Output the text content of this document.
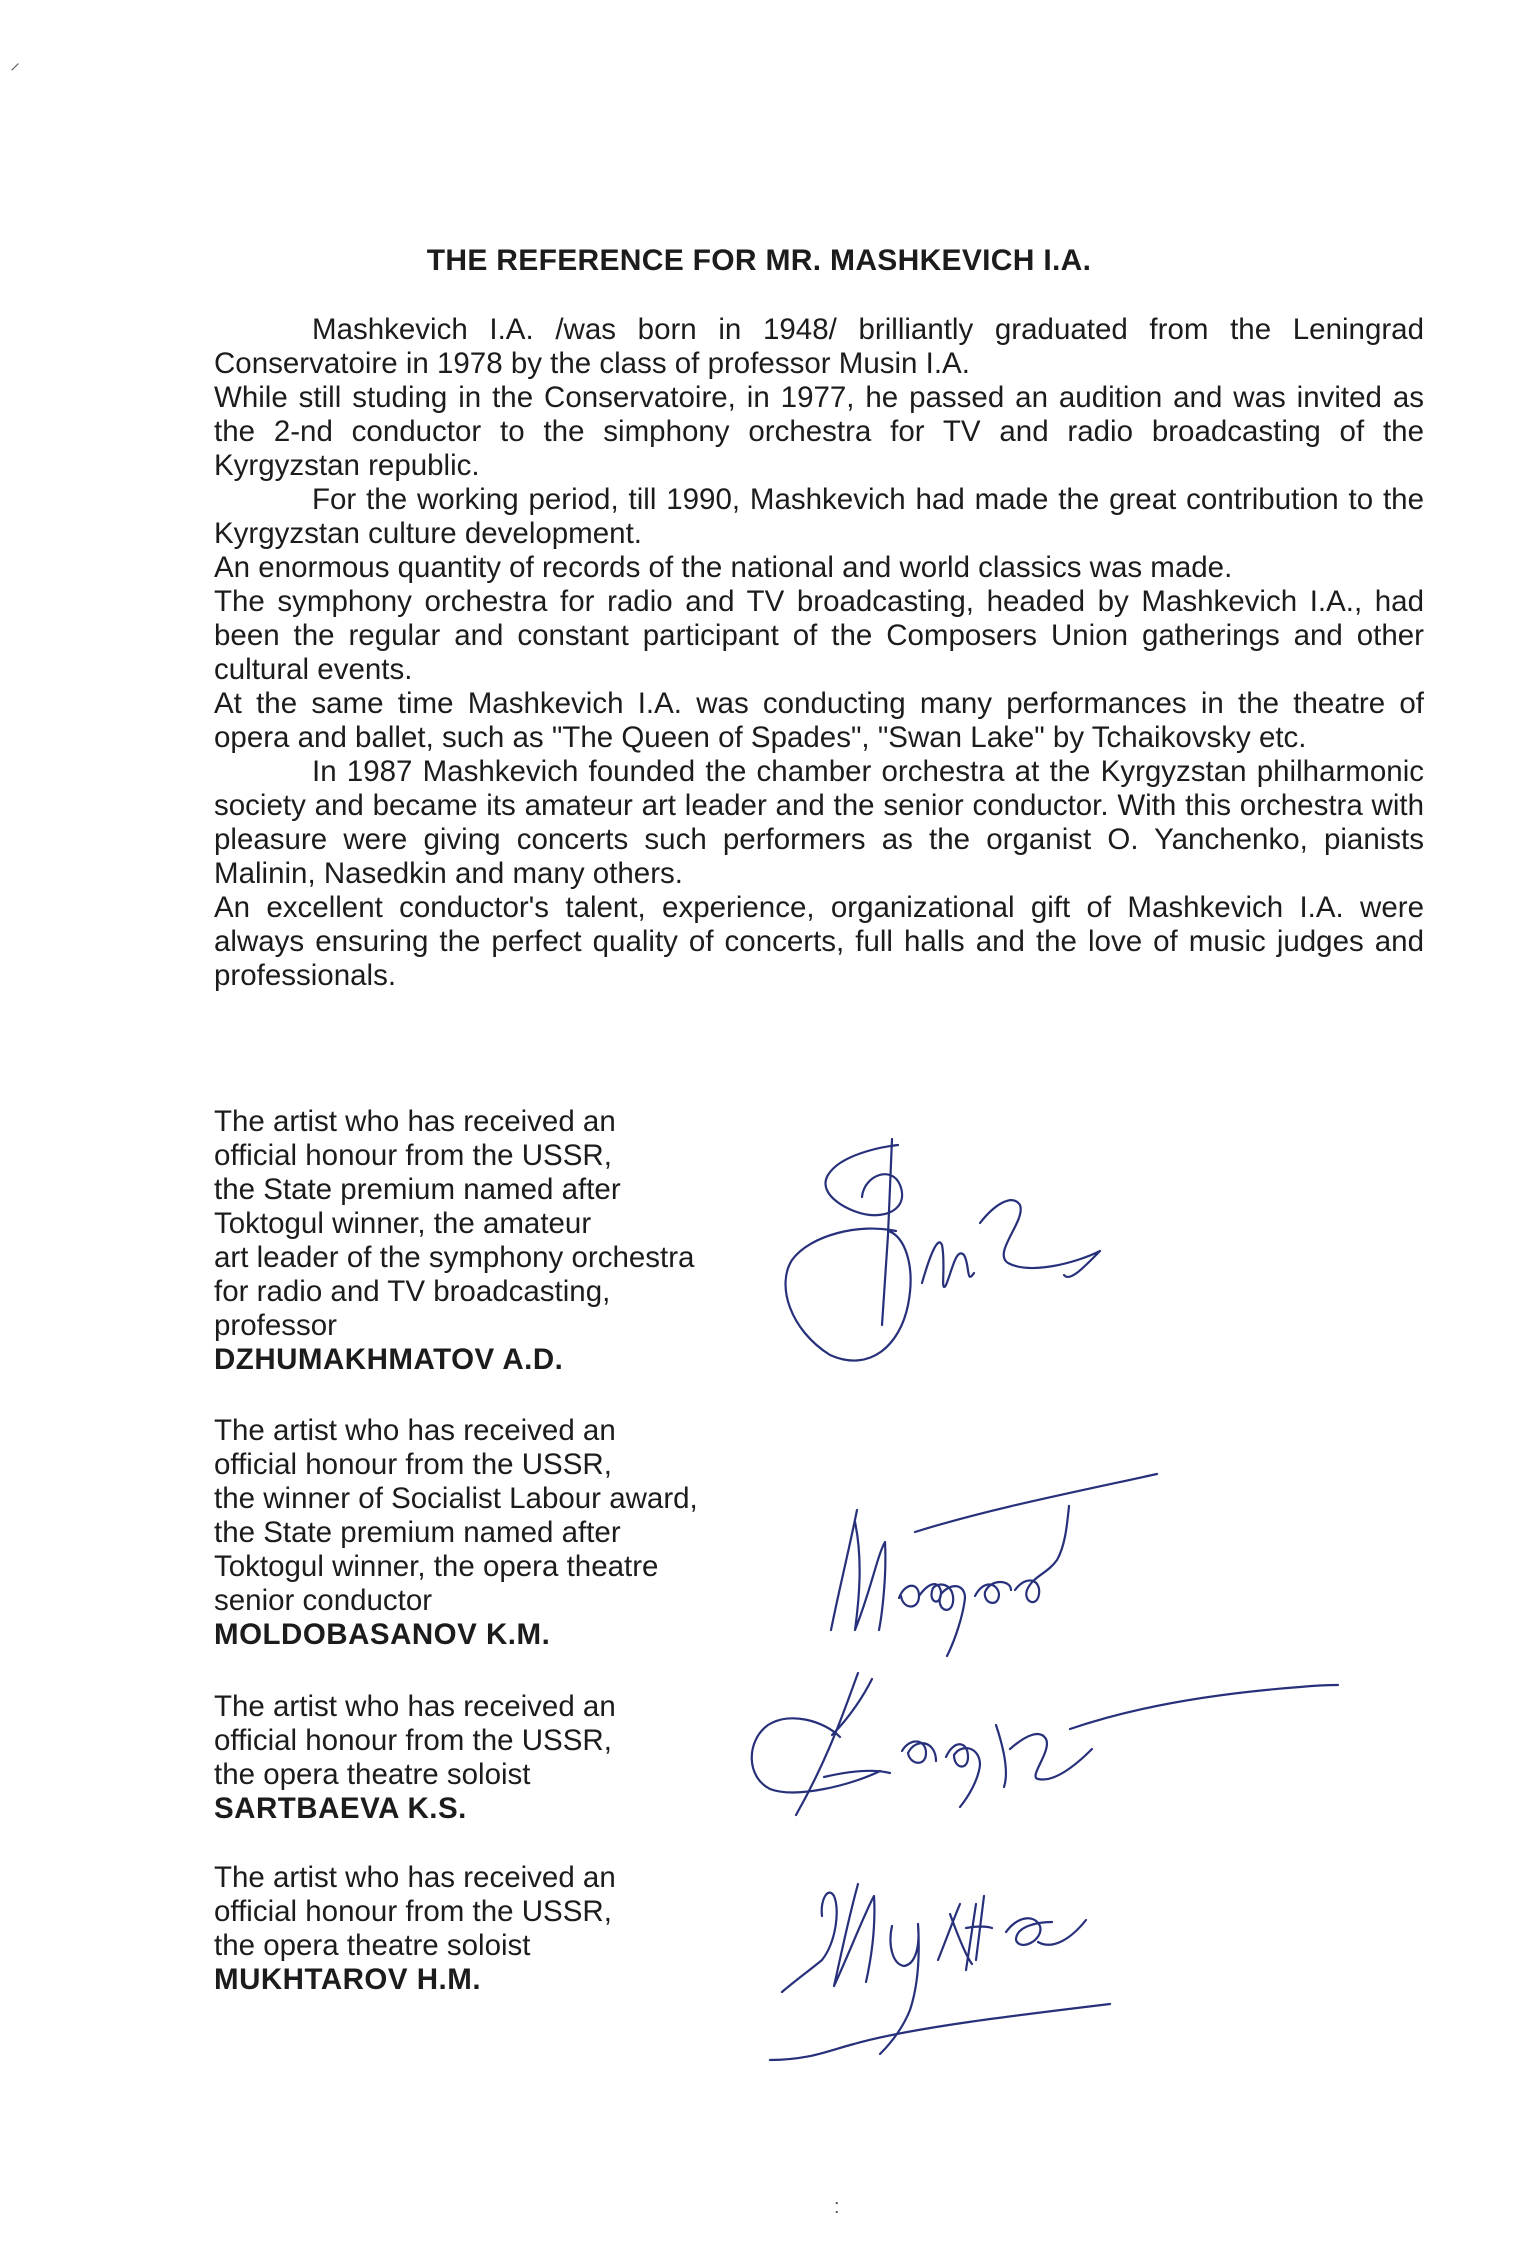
THE REFERENCE FOR MR. MASHKEVICH I.A.

Mashkevich I.A. /was born in 1948/ brilliantly graduated from the Leningrad Conservatoire in 1978 by the class of professor Musin I.A.

While still studing in the Conservatoire, in 1977, he passed an audition and was invited as the 2-nd conductor to the simphony orchestra for TV and radio broadcasting of the Kyrgyzstan republic.

For the working period, till 1990, Mashkevich had made the great contribution to the Kyrgyzstan culture development.

An enormous quantity of records of the national and world classics was made.

The symphony orchestra for radio and TV broadcasting, headed by Mashkevich I.A., had been the regular and constant participant of the Composers Union gatherings and other cultural events.

At the same time Mashkevich I.A. was conducting many performances in the theatre of opera and ballet, such as "The Queen of Spades", "Swan Lake" by Tchaikovsky etc.

In 1987 Mashkevich founded the chamber orchestra at the Kyrgyzstan philharmonic society and became its amateur art leader and the senior conductor. With this orchestra with pleasure were giving concerts such performers as the organist O. Yanchenko, pianists Malinin, Nasedkin and many others.

An excellent conductor's talent, experience, organizational gift of Mashkevich I.A. were always ensuring the perfect quality of concerts, full halls and the love of music judges and professionals.

The artist who has received an
official honour from the USSR,
the State premium named after
Toktogul winner, the amateur
art leader of the symphony orchestra
for radio and TV broadcasting,
professor
DZHUMAKHMATOV A.D.
The artist who has received an
official honour from the USSR,
the winner of Socialist Labour award,
the State premium named after
Toktogul winner, the opera theatre
senior conductor
MOLDOBASANOV K.M.
The artist who has received an
official honour from the USSR,
the opera theatre soloist
SARTBAEVA K.S.
The artist who has received an
official honour from the USSR,
the opera theatre soloist
MUKHTAROV H.M.
⸝
:
